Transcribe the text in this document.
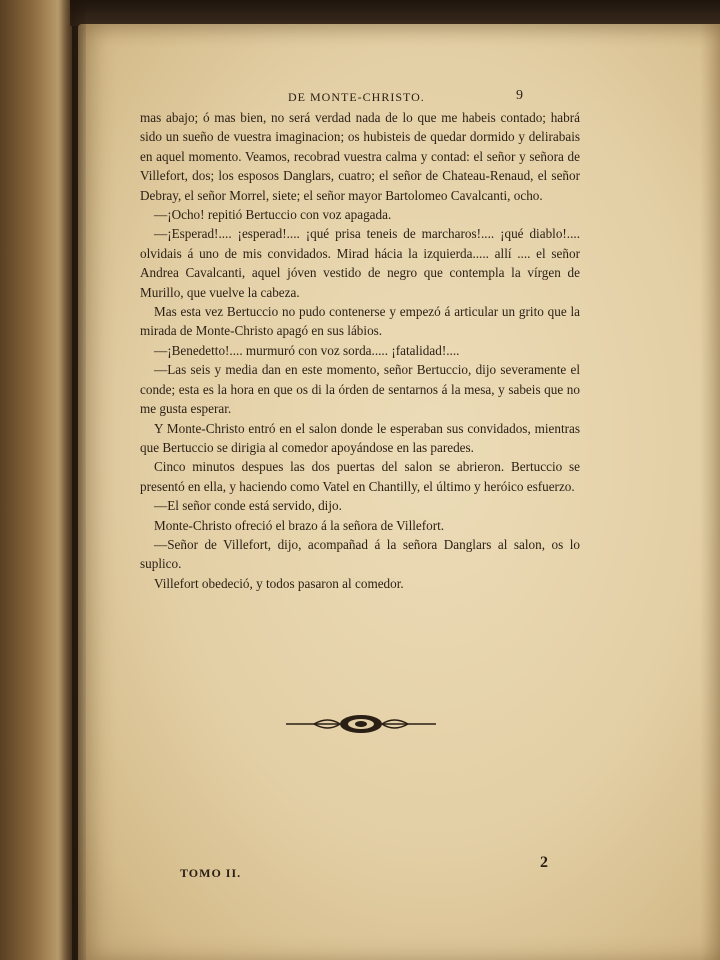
DE MONTE-CHRISTO.	9

mas abajo; ó mas bien, no será verdad nada de lo que me habeis contado; habrá sido un sueño de vuestra imaginacion; os hubisteis de quedar dormido y delirabais en aquel momento. Veamos, recobrad vuestra calma y contad: el señor y señora de Villefort, dos; los esposos Danglars, cuatro; el señor de Chateau-Renaud, el señor Debray, el señor Morrel, siete; el señor mayor Bartolomeo Cavalcanti, ocho.

—¡Ocho! repitió Bertuccio con voz apagada.

—¡Esperad!.... ¡esperad!.... ¡qué prisa teneis de marcharos!.... ¡qué diablo!.... olvidais á uno de mis convidados. Mirad hácia la izquierda..... allí .... el señor Andrea Cavalcanti, aquel jóven vestido de negro que contempla la vírgen de Murillo, que vuelve la cabeza.

Mas esta vez Bertuccio no pudo contenerse y empezó á articular un grito que la mirada de Monte-Christo apagó en sus lábios.

—¡Benedetto!.... murmuró con voz sorda..... ¡fatalidad!....

—Las seis y media dan en este momento, señor Bertuccio, dijo severamente el conde; esta es la hora en que os di la órden de sentarnos á la mesa, y sabeis que no me gusta esperar.

Y Monte-Christo entró en el salon donde le esperaban sus convidados, mientras que Bertuccio se dirigia al comedor apoyándose en las paredes.

Cinco minutos despues las dos puertas del salon se abrieron. Bertuccio se presentó en ella, y haciendo como Vatel en Chantilly, el último y heróico esfuerzo.

—El señor conde está servido, dijo.

Monte-Christo ofreció el brazo á la señora de Villefort.

—Señor de Villefort, dijo, acompañad á la señora Danglars al salon, os lo suplico.

Villefort obedeció, y todos pasaron al comedor.

TOMO II.
2
